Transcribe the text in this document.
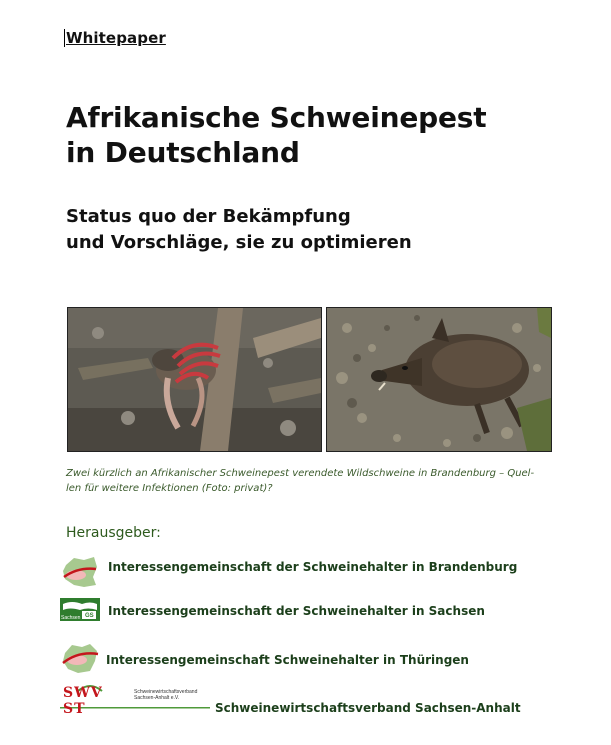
Whitepaper
Afrikanische Schweinepest
in Deutschland
Status quo der Bekämpfung
und Vorschläge, sie zu optimieren
Zwei kürzlich an Afrikanischer Schweinepest verendete Wildschweine in Brandenburg – Quel-
len für weitere Infektionen (Foto: privat)?
Herausgeber:
Interessengemeinschaft der Schweinehalter in Brandenburg
Sachsen GS Interessengemeinschaft der Schweinehalter in Sachsen
Interessengemeinschaft Schweinehalter in Thüringen
SWV ST
Schweinewirtschaftsverband
Sachsen-Anhalt e.V.
Schweinewirtschaftsverband Sachsen-Anhalt
